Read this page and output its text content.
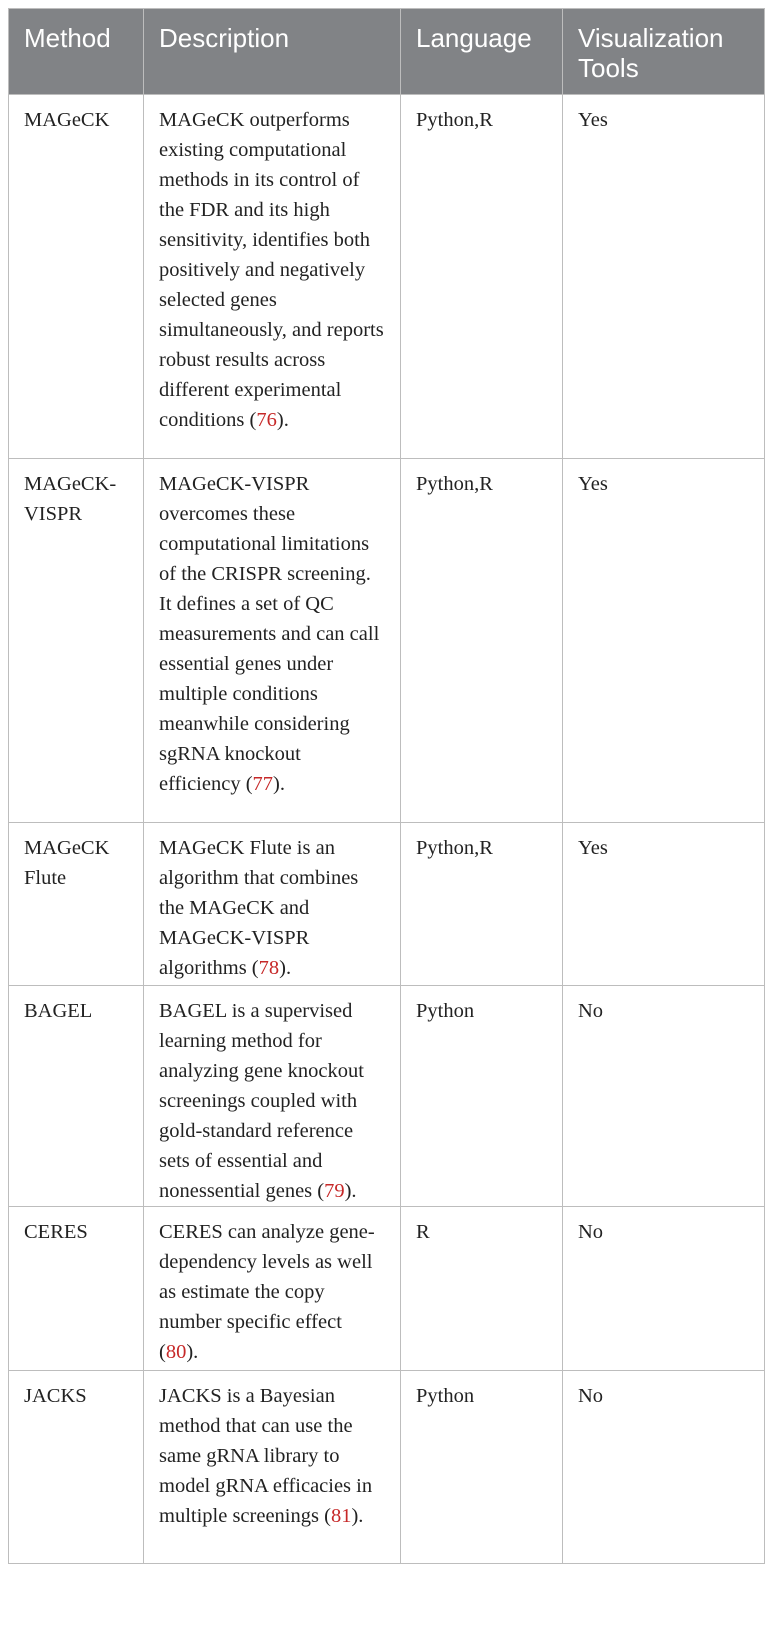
Method	Description	Language	Visualization Tools
MAGeCK	MAGeCK outperforms existing computational methods in its control of the FDR and its high sensitivity, identifies both positively and negatively selected genes simultaneously, and reports robust results across different experimental conditions (76).	Python,R	Yes
MAGeCK-VISPR	MAGeCK-VISPR overcomes these computational limitations of the CRISPR screening. It defines a set of QC measurements and can call essential genes under multiple conditions meanwhile considering sgRNA knockout efficiency (77).	Python,R	Yes
MAGeCK Flute	MAGeCK Flute is an algorithm that combines the MAGeCK and MAGeCK-VISPR algorithms (78).	Python,R	Yes
BAGEL	BAGEL is a supervised learning method for analyzing gene knockout screenings coupled with gold-standard reference sets of essential and nonessential genes (79).	Python	No
CERES	CERES can analyze gene-dependency levels as well as estimate the copy number specific effect (80).	R	No
JACKS	JACKS is a Bayesian method that can use the same gRNA library to model gRNA efficacies in multiple screenings (81).	Python	No
